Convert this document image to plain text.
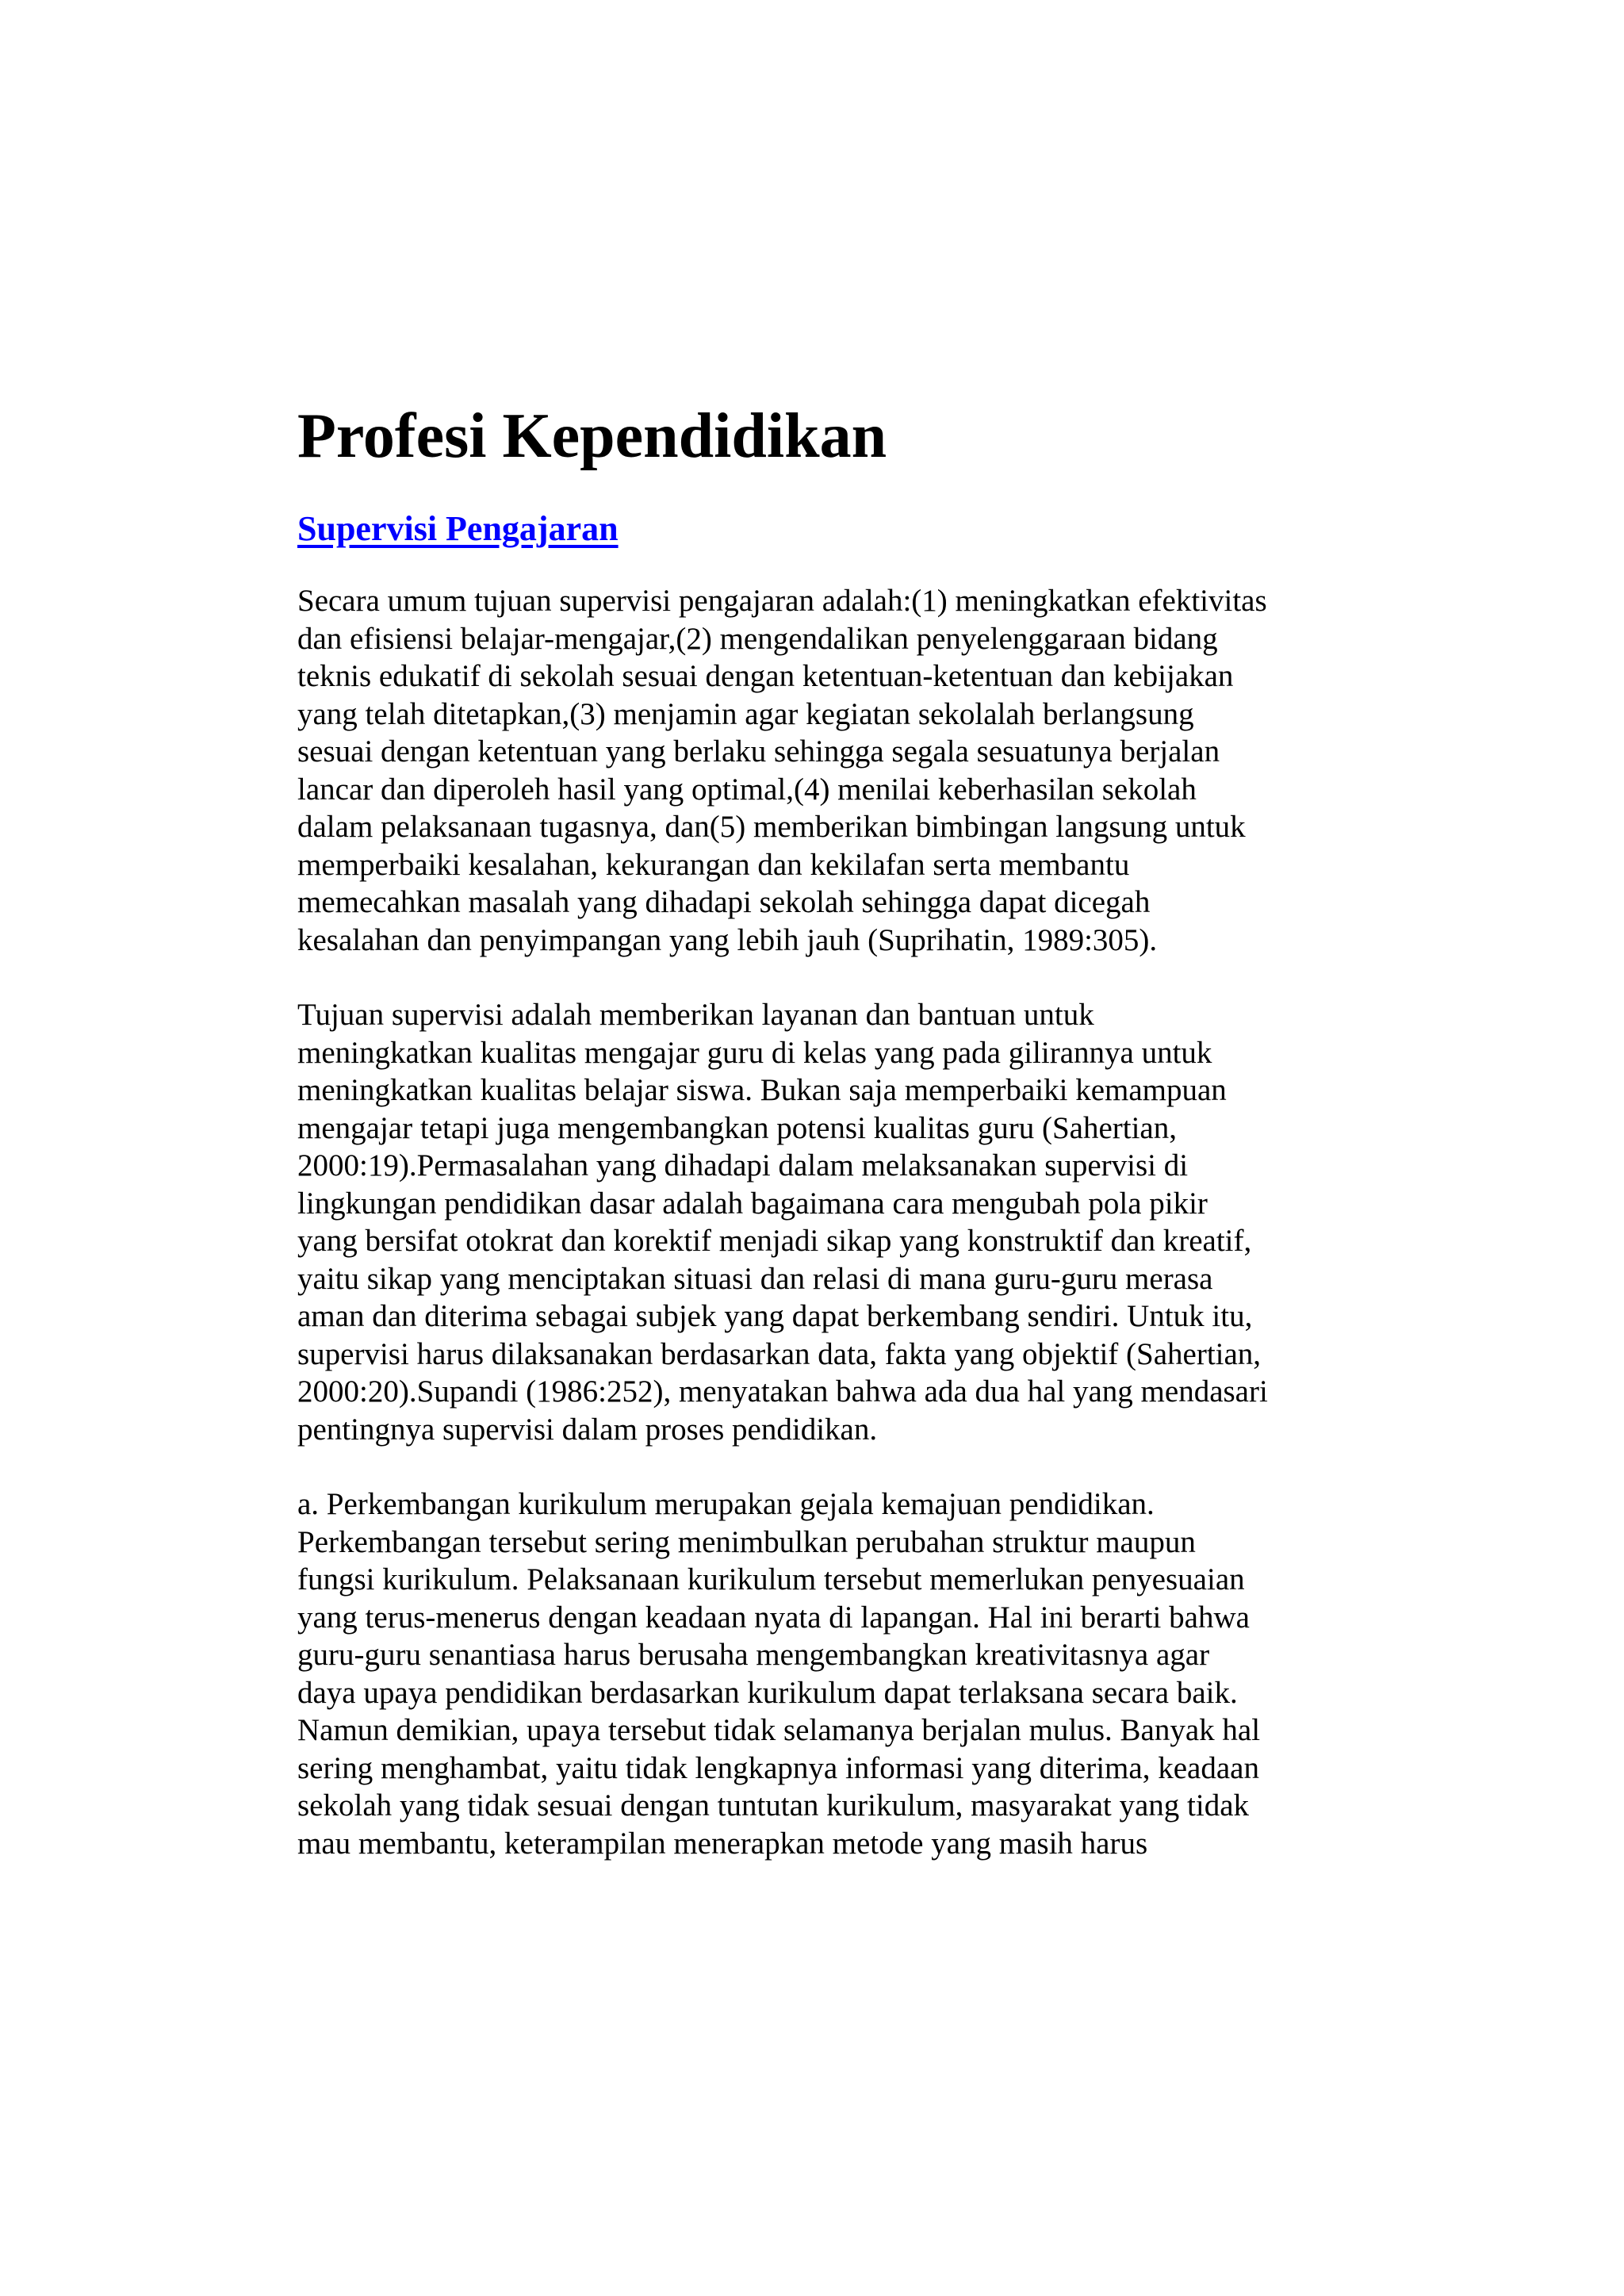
Profesi Kependidikan
Supervisi Pengajaran
Secara umum tujuan supervisi pengajaran adalah:(1) meningkatkan efektivitas
dan efisiensi belajar-mengajar,(2) mengendalikan penyelenggaraan bidang
teknis edukatif di sekolah sesuai dengan ketentuan-ketentuan dan kebijakan
yang telah ditetapkan,(3) menjamin agar kegiatan sekolalah berlangsung
sesuai dengan ketentuan yang berlaku sehingga segala sesuatunya berjalan
lancar dan diperoleh hasil yang optimal,(4) menilai keberhasilan sekolah
dalam pelaksanaan tugasnya, dan(5) memberikan bimbingan langsung untuk
memperbaiki kesalahan, kekurangan dan kekilafan serta membantu
memecahkan masalah yang dihadapi sekolah sehingga dapat dicegah
kesalahan dan penyimpangan yang lebih jauh (Suprihatin, 1989:305).
Tujuan supervisi adalah memberikan layanan dan bantuan untuk
meningkatkan kualitas mengajar guru di kelas yang pada gilirannya untuk
meningkatkan kualitas belajar siswa. Bukan saja memperbaiki kemampuan
mengajar tetapi juga mengembangkan potensi kualitas guru (Sahertian,
2000:19).Permasalahan yang dihadapi dalam melaksanakan supervisi di
lingkungan pendidikan dasar adalah bagaimana cara mengubah pola pikir
yang bersifat otokrat dan korektif menjadi sikap yang konstruktif dan kreatif,
yaitu sikap yang menciptakan situasi dan relasi di mana guru-guru merasa
aman dan diterima sebagai subjek yang dapat berkembang sendiri. Untuk itu,
supervisi harus dilaksanakan berdasarkan data, fakta yang objektif (Sahertian,
2000:20).Supandi (1986:252), menyatakan bahwa ada dua hal yang mendasari
pentingnya supervisi dalam proses pendidikan.
a. Perkembangan kurikulum merupakan gejala kemajuan pendidikan.
Perkembangan tersebut sering menimbulkan perubahan struktur maupun
fungsi kurikulum. Pelaksanaan kurikulum tersebut memerlukan penyesuaian
yang terus-menerus dengan keadaan nyata di lapangan. Hal ini berarti bahwa
guru-guru senantiasa harus berusaha mengembangkan kreativitasnya agar
daya upaya pendidikan berdasarkan kurikulum dapat terlaksana secara baik.
Namun demikian, upaya tersebut tidak selamanya berjalan mulus. Banyak hal
sering menghambat, yaitu tidak lengkapnya informasi yang diterima, keadaan
sekolah yang tidak sesuai dengan tuntutan kurikulum, masyarakat yang tidak
mau membantu, keterampilan menerapkan metode yang masih harus
